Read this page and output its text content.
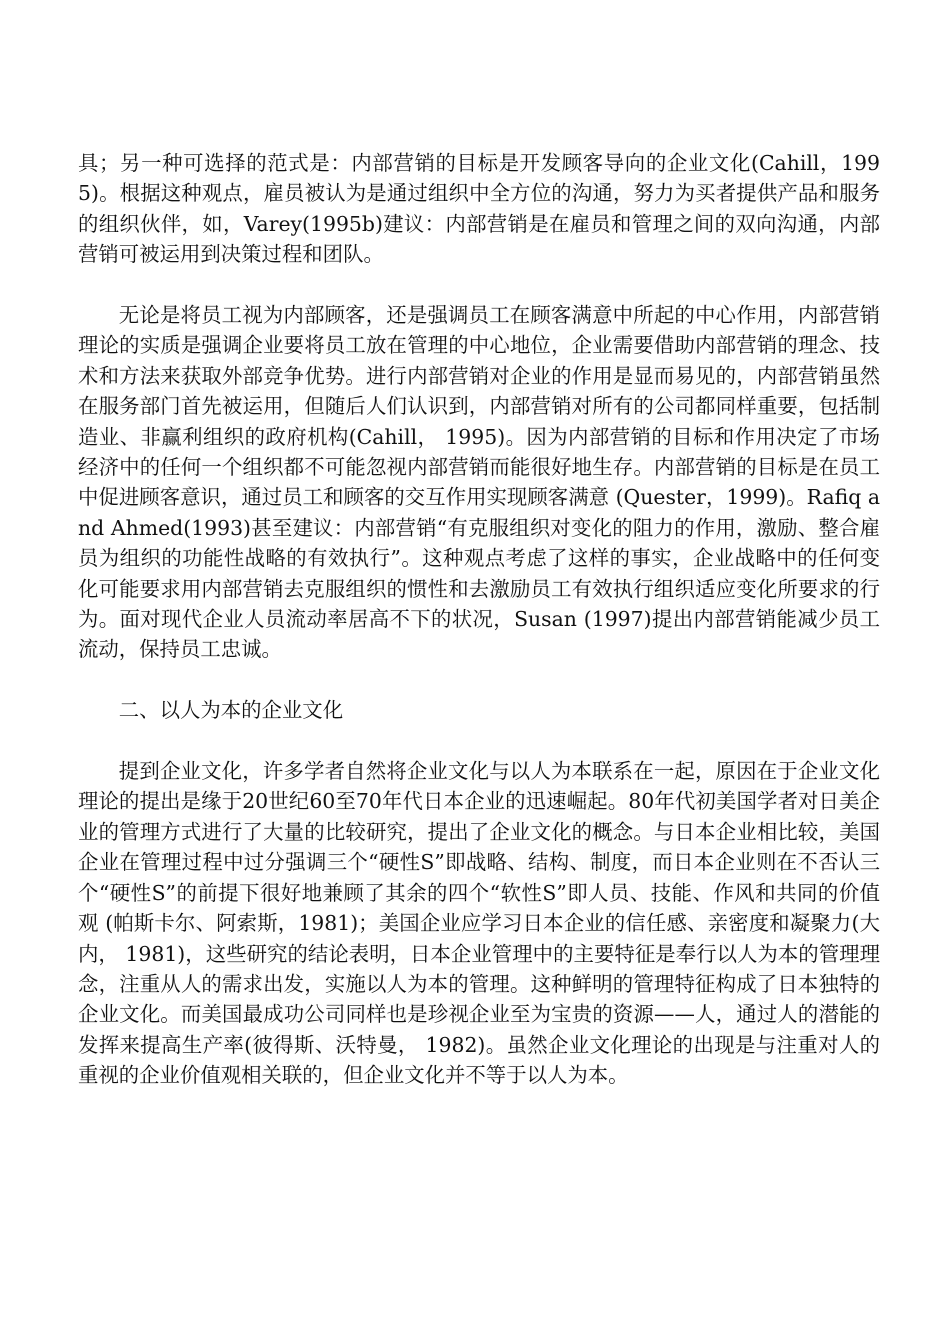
具；另一种可选择的范式是：内部营销的目标是开发顾客导向的企业文化(Cahill，1995)。根据这种观点，雇员被认为是通过组织中全方位的沟通，努力为买者提供产品和服务的组织伙伴，如，Varey(1995b)建议：内部营销是在雇员和管理之间的双向沟通，内部营销可被运用到决策过程和团队。

无论是将员工视为内部顾客，还是强调员工在顾客满意中所起的中心作用，内部营销理论的实质是强调企业要将员工放在管理的中心地位，企业需要借助内部营销的理念、技术和方法来获取外部竞争优势。进行内部营销对企业的作用是显而易见的，内部营销虽然在服务部门首先被运用，但随后人们认识到，内部营销对所有的公司都同样重要，包括制造业、非赢利组织的政府机构(Cahill， 1995)。因为内部营销的目标和作用决定了市场经济中的任何一个组织都不可能忽视内部营销而能很好地生存。内部营销的目标是在员工中促进顾客意识，通过员工和顾客的交互作用实现顾客满意 (Quester，1999)。Rafiq and Ahmed(1993)甚至建议：内部营销“有克服组织对变化的阻力的作用，激励、整合雇员为组织的功能性战略的有效执行”。这种观点考虑了这样的事实，企业战略中的任何变化可能要求用内部营销去克服组织的惯性和去激励员工有效执行组织适应变化所要求的行为。面对现代企业人员流动率居高不下的状况，Susan (1997)提出内部营销能减少员工流动，保持员工忠诚。

二、以人为本的企业文化

提到企业文化，许多学者自然将企业文化与以人为本联系在一起，原因在于企业文化理论的提出是缘于20世纪60至70年代日本企业的迅速崛起。80年代初美国学者对日美企业的管理方式进行了大量的比较研究，提出了企业文化的概念。与日本企业相比较，美国企业在管理过程中过分强调三个“硬性S”即战略、结构、制度，而日本企业则在不否认三个“硬性S”的前提下很好地兼顾了其余的四个“软性S”即人员、技能、作风和共同的价值观 (帕斯卡尔、阿索斯，1981)；美国企业应学习日本企业的信任感、亲密度和凝聚力(大内， 1981)，这些研究的结论表明，日本企业管理中的主要特征是奉行以人为本的管理理念，注重从人的需求出发，实施以人为本的管理。这种鲜明的管理特征构成了日本独特的企业文化。而美国最成功公司同样也是珍视企业至为宝贵的资源——人，通过人的潜能的发挥来提高生产率(彼得斯、沃特曼， 1982)。虽然企业文化理论的出现是与注重对人的重视的企业价值观相关联的，但企业文化并不等于以人为本。
